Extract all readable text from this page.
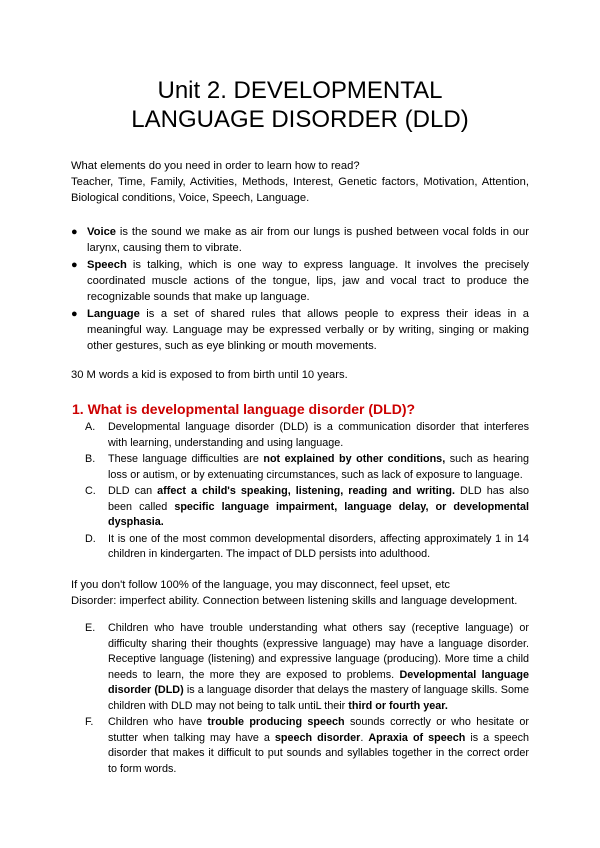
Unit 2. DEVELOPMENTAL
LANGUAGE DISORDER (DLD)

What elements do you need in order to learn how to read?

Teacher, Time, Family, Activities, Methods, Interest, Genetic factors, Motivation, Attention, Biological conditions, Voice, Speech, Language.

● Voice is the sound we make as air from our lungs is pushed between vocal folds in our larynx, causing them to vibrate.
● Speech is talking, which is one way to express language. It involves the precisely coordinated muscle actions of the tongue, lips, jaw and vocal tract to produce the recognizable sounds that make up language.
● Language is a set of shared rules that allows people to express their ideas in a meaningful way. Language may be expressed verbally or by writing, singing or making other gestures, such as eye blinking or mouth movements.

30 M words a kid is exposed to from birth until 10 years.

1. What is developmental language disorder (DLD)?
A. Developmental language disorder (DLD) is a communication disorder that interferes with learning, understanding and using language.
B. These language difficulties are not explained by other conditions, such as hearing loss or autism, or by extenuating circumstances, such as lack of exposure to language.
C. DLD can affect a child's speaking, listening, reading and writing. DLD has also been called specific language impairment, language delay, or developmental dysphasia.
D. It is one of the most common developmental disorders, affecting approximately 1 in 14 children in kindergarten. The impact of DLD persists into adulthood.

If you don't follow 100% of the language, you may disconnect, feel upset, etc

Disorder: imperfect ability. Connection between listening skills and language development.

E. Children who have trouble understanding what others say (receptive language) or difficulty sharing their thoughts (expressive language) may have a language disorder. Receptive language (listening) and expressive language (producing). More time a child needs to learn, the more they are exposed to problems. Developmental language disorder (DLD) is a language disorder that delays the mastery of language skills. Some children with DLD may not being to talk untiL their third or fourth year.
F. Children who have trouble producing speech sounds correctly or who hesitate or stutter when talking may have a speech disorder. Apraxia of speech is a speech disorder that makes it difficult to put sounds and syllables together in the correct order to form words.
